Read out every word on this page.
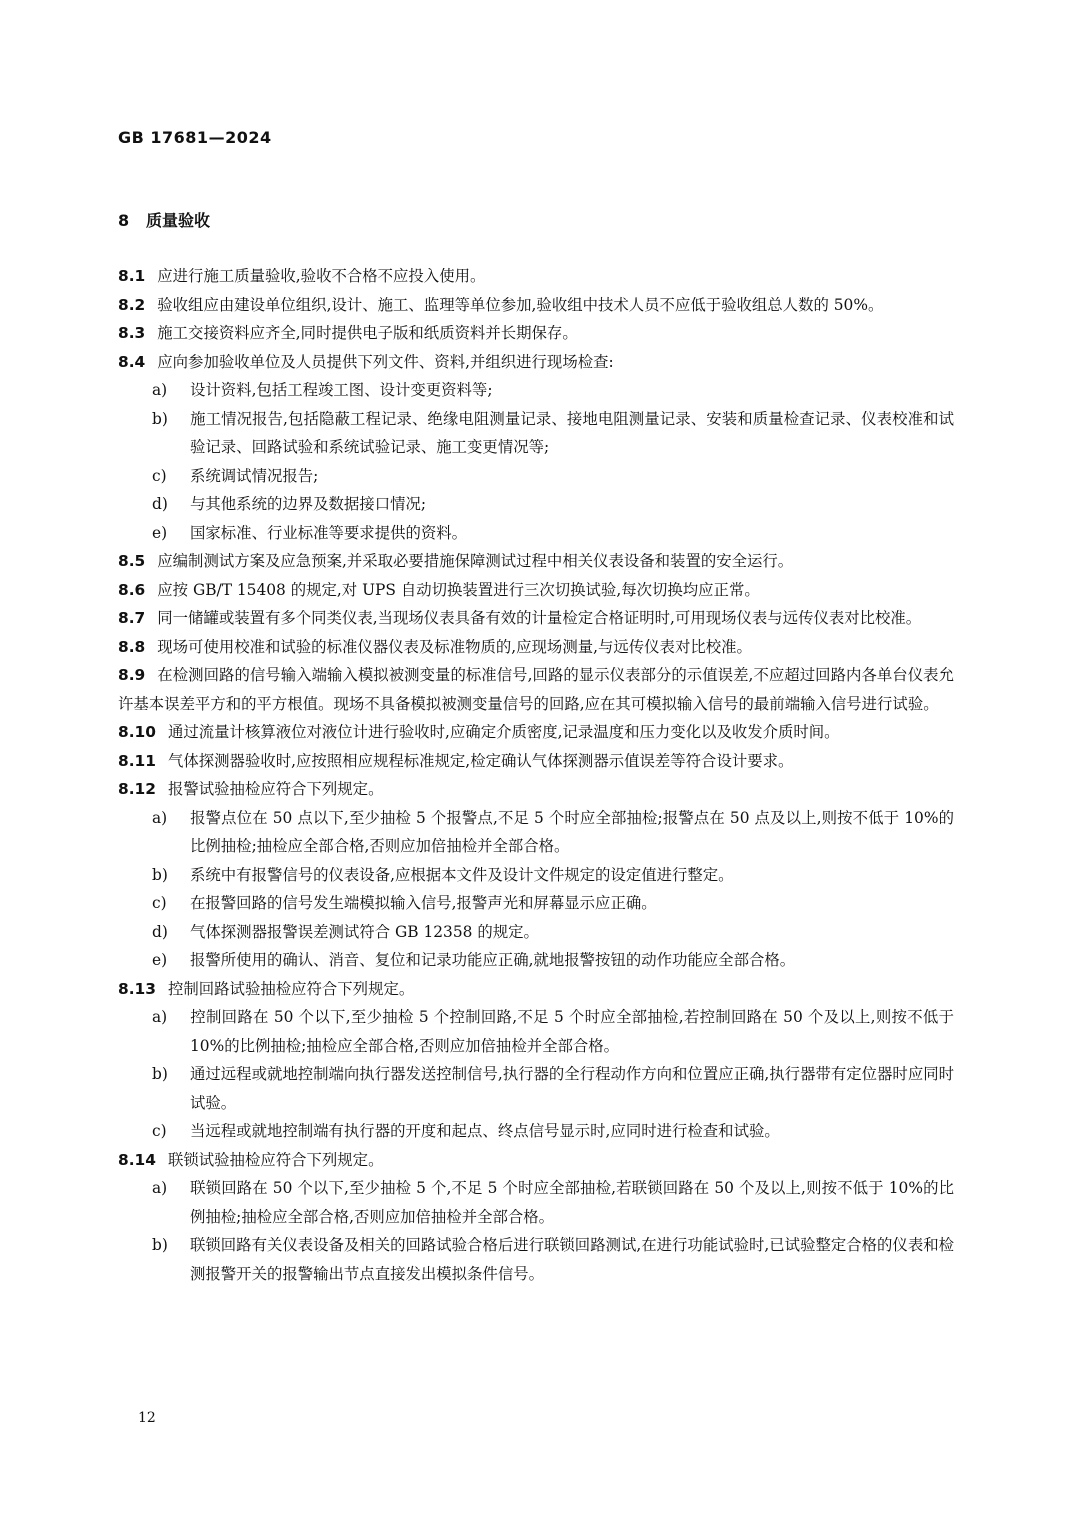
GB 17681—2024
8 质量验收

8.1 应进行施工质量验收,验收不合格不应投入使用。

8.2 验收组应由建设单位组织,设计、施工、监理等单位参加,验收组中技术人员不应低于验收组总人数的 50%。

8.3 施工交接资料应齐全,同时提供电子版和纸质资料并长期保存。

8.4 应向参加验收单位及人员提供下列文件、资料,并组织进行现场检查:

a) 设计资料,包括工程竣工图、设计变更资料等;

b) 施工情况报告,包括隐蔽工程记录、绝缘电阻测量记录、接地电阻测量记录、安装和质量检查记录、仪表校准和试验记录、回路试验和系统试验记录、施工变更情况等;

c) 系统调试情况报告;

d) 与其他系统的边界及数据接口情况;

e) 国家标准、行业标准等要求提供的资料。

8.5 应编制测试方案及应急预案,并采取必要措施保障测试过程中相关仪表设备和装置的安全运行。

8.6 应按 GB/T 15408 的规定,对 UPS 自动切换装置进行三次切换试验,每次切换均应正常。

8.7 同一储罐或装置有多个同类仪表,当现场仪表具备有效的计量检定合格证明时,可用现场仪表与远传仪表对比校准。

8.8 现场可使用校准和试验的标准仪器仪表及标准物质的,应现场测量,与远传仪表对比校准。

8.9 在检测回路的信号输入端输入模拟被测变量的标准信号,回路的显示仪表部分的示值误差,不应超过回路内各单台仪表允许基本误差平方和的平方根值。现场不具备模拟被测变量信号的回路,应在其可模拟输入信号的最前端输入信号进行试验。

8.10 通过流量计核算液位对液位计进行验收时,应确定介质密度,记录温度和压力变化以及收发介质时间。

8.11 气体探测器验收时,应按照相应规程标准规定,检定确认气体探测器示值误差等符合设计要求。

8.12 报警试验抽检应符合下列规定。

a) 报警点位在 50 点以下,至少抽检 5 个报警点,不足 5 个时应全部抽检;报警点在 50 点及以上,则按不低于 10%的比例抽检;抽检应全部合格,否则应加倍抽检并全部合格。

b) 系统中有报警信号的仪表设备,应根据本文件及设计文件规定的设定值进行整定。

c) 在报警回路的信号发生端模拟输入信号,报警声光和屏幕显示应正确。

d) 气体探测器报警误差测试符合 GB 12358 的规定。

e) 报警所使用的确认、消音、复位和记录功能应正确,就地报警按钮的动作功能应全部合格。

8.13 控制回路试验抽检应符合下列规定。

a) 控制回路在 50 个以下,至少抽检 5 个控制回路,不足 5 个时应全部抽检,若控制回路在 50 个及以上,则按不低于 10%的比例抽检;抽检应全部合格,否则应加倍抽检并全部合格。

b) 通过远程或就地控制端向执行器发送控制信号,执行器的全行程动作方向和位置应正确,执行器带有定位器时应同时试验。

c) 当远程或就地控制端有执行器的开度和起点、终点信号显示时,应同时进行检查和试验。

8.14 联锁试验抽检应符合下列规定。

a) 联锁回路在 50 个以下,至少抽检 5 个,不足 5 个时应全部抽检,若联锁回路在 50 个及以上,则按不低于 10%的比例抽检;抽检应全部合格,否则应加倍抽检并全部合格。

b) 联锁回路有关仪表设备及相关的回路试验合格后进行联锁回路测试,在进行功能试验时,已试验整定合格的仪表和检测报警开关的报警输出节点直接发出模拟条件信号。

12
